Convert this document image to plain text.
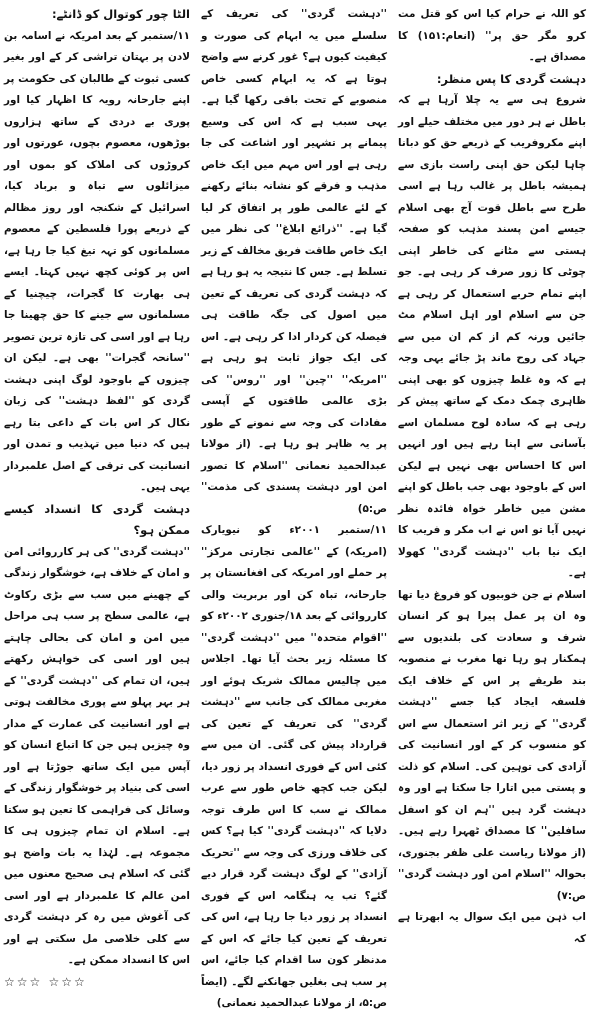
کو اللہ نے حرام کیا اس کو قتل مت کرو مگر حق پر'' (انعام:۱۵۱) کا مصداق ہے۔

دہشت گردی کا پس منظر:

شروع ہی سے یہ چلا آرہا ہے کہ باطل نے ہر دور میں مختلف حیلے اور اپنے مکروفریب کے ذریعے حق کو دبانا چاہا لیکن حق اپنی راست بازی سے ہمیشہ باطل پر غالب رہا ہے اسی طرح سے باطل قوت آج بھی اسلام جیسے امن پسند مذہب کو صفحہ ہستی سے مٹانے کی خاطر اپنی چوٹی کا زور صرف کر رہی ہے۔ جو اپنے تمام حربے استعمال کر رہی ہے جن سے اسلام اور اہل اسلام مٹ جائیں ورنہ کم از کم ان میں سے جہاد کی روح ماند پڑ جائے یہی وجہ ہے کہ وہ غلط چیزوں کو بھی اپنی ظاہری چمک دمک کے ساتھ پیش کر رہی ہے کہ سادہ لوح مسلمان اسے بآسانی سے اپنا رہے ہیں اور انہیں اس کا احساس بھی نہیں ہے لیکن اس کے باوجود بھی جب باطل کو اپنے مشن میں خاطر خواہ فائدہ نظر نہیں آیا تو اس نے اب مکر و فریب کا ایک نیا باب ''دہشت گردی'' کھولا ہے۔

اسلام نے جن خوبیوں کو فروغ دیا تھا وہ ان پر عمل پیرا ہو کر انسان شرف و سعادت کی بلندیوں سے ہمکنار ہو رہا تھا مغرب نے منصوبہ بند طریقے پر اس کے خلاف ایک فلسفہ ایجاد کیا جسے ''دہشت گردی'' کے زیر اثر استعمال سے اس کو منسوب کر کے اور انسانیت کی آزادی کی توہین کی۔ اسلام کو ذلت و پستی میں اتارا جا سکتا ہے اور وہ دہشت گرد ہیں ''ہم ان کو اسفل سافلین'' کا مصداق ٹھہرا رہے ہیں۔ (از مولانا ریاست علی ظفر بجنوری، بحوالہ ''اسلام امن اور دہشت گردی'' ص:۷)

اب ذہن میں ایک سوال یہ ابھرتا ہے کہ

''دہشت گردی'' کی تعریف کے سلسلے میں یہ ابہام کی صورت و کیفیت کیوں ہے؟ غور کرنے سے واضح ہوتا ہے کہ یہ ابہام کسی خاص منصوبے کے تحت باقی رکھا گیا ہے۔ یہی سبب ہے کہ اس کی وسیع پیمانے پر تشہیر اور اشاعت کی جا رہی ہے اور اس مہم میں ایک خاص مذہب و فرقے کو نشانہ بنائے رکھنے کے لئے عالمی طور پر اتفاق کر لیا گیا ہے۔ ''ذرائع ابلاغ'' کی نظر میں ایک خاص طاقت فریق مخالف کے زیر تسلط ہے۔ جس کا نتیجہ یہ ہو رہا ہے کہ دہشت گردی کی تعریف کے تعین میں اصول کی جگہ طاقت ہی فیصلہ کن کردار ادا کر رہی ہے۔ اس کی ایک جواز ثابت ہو رہی ہے ''امریکہ'' ''چین'' اور ''روس'' کی بڑی عالمی طاقتوں کے آپسی مفادات کی وجہ سے نمونے کے طور پر یہ ظاہر ہو رہا ہے۔ (از مولانا عبدالحمید نعمانی ''اسلام کا تصور امن اور دہشت پسندی کی مذمت'' ص:۵)

۱۱/ستمبر ۲۰۰۱ء کو نیویارک (امریکہ) کے ''عالمی تجارتی مرکز'' پر حملے اور امریکہ کی افغانستان پر جارحانہ، تباہ کن اور بربریت والی کارروائی کے بعد ۱۸/جنوری ۲۰۰۲ء کو ''اقوام متحدہ'' میں ''دہشت گردی'' کا مسئلہ زیر بحث آیا تھا۔ اجلاس میں چالیس ممالک شریک ہوئے اور مغربی ممالک کی جانب سے ''دہشت گردی'' کی تعریف کے تعین کی قرارداد پیش کی گئی۔ ان میں سے کئی اس کے فوری انسداد پر زور دیا، لیکن جب کچھ خاص طور سے عرب ممالک نے سب کا اس طرف توجہ دلایا کہ ''دہشت گردی'' کیا ہے؟ کس کی خلاف ورزی کی وجہ سے ''تحریک آزادی'' کے لوگ دہشت گرد قرار دیے گئے؟ تب یہ ہنگامہ اس کے فوری انسداد پر زور دیا جا رہا ہے، اس کی تعریف کے تعین کیا جائے کہ اس کے مدنظر کون سا اقدام کیا جائے، اس پر سب ہی بغلیں جھانکنے لگے۔ (ایضاً ص:۵، از مولانا عبدالحمید نعمانی)

الٹا چور کوتوال کو ڈانٹے:

۱۱/ستمبر کے بعد امریکہ نے اسامہ بن لادن پر بہتان تراشی کر کے اور بغیر کسی ثبوت کے طالبان کی حکومت پر اپنے جارحانہ رویہ کا اظہار کیا اور پوری بے دردی کے ساتھ ہزاروں بوڑھوں، معصوم بچوں، عورتوں اور کروڑوں کی املاک کو بموں اور میزائلوں سے تباہ و برباد کیا، اسرائیل کے شکنجہ اور روز مظالم کے ذریعے پورا فلسطین کے معصوم مسلمانوں کو تہہ تیغ کیا جا رہا ہے، اس پر کوئی کچھ نہیں کہتا۔ ایسے ہی بھارت کا گجرات، چیچنیا کے مسلمانوں سے جینے کا حق چھینا جا رہا ہے اور اسی کی تازہ ترین تصویر ''سانحہ گجرات'' بھی ہے۔ لیکن ان چیزوں کے باوجود لوگ اپنی دہشت گردی کو ''لفظ دہشت'' کی زبان نکال کر اس بات کے داعی بتا رہے ہیں کہ دنیا میں تہذیب و تمدن اور انسانیت کی ترقی کے اصل علمبردار یہی ہیں۔

دہشت گردی کا انسداد کیسے ممکن ہو؟

''دہشت گردی'' کی ہر کارروائی امن و امان کے خلاف ہے، خوشگوار زندگی کے چھینے میں سب سے بڑی رکاوٹ ہے، عالمی سطح پر سب ہی مراحل میں امن و امان کی بحالی چاہتے ہیں اور اسی کی خواہش رکھتے ہیں، ان تمام کی ''دہشت گردی'' کے ہر بہر پہلو سے پوری مخالفت ہوتی ہے اور انسانیت کی عمارت کے مدار وہ چیزیں ہیں جن کا اتباع انسان کو آپس میں ایک ساتھ جوڑتا ہے اور اسی کی بنیاد پر خوشگوار زندگی کے وسائل کی فراہمی کا تعین ہو سکتا ہے۔ اسلام ان تمام چیزوں ہی کا مجموعہ ہے۔ لہٰذا یہ بات واضح ہو گئی کہ اسلام ہی صحیح معنوں میں امن عالم کا علمبردار ہے اور اسی کی آغوش میں رہ کر دہشت گردی سے کلی خلاصی مل سکتی ہے اور اس کا انسداد ممکن ہے۔

☆☆☆ ☆☆☆
